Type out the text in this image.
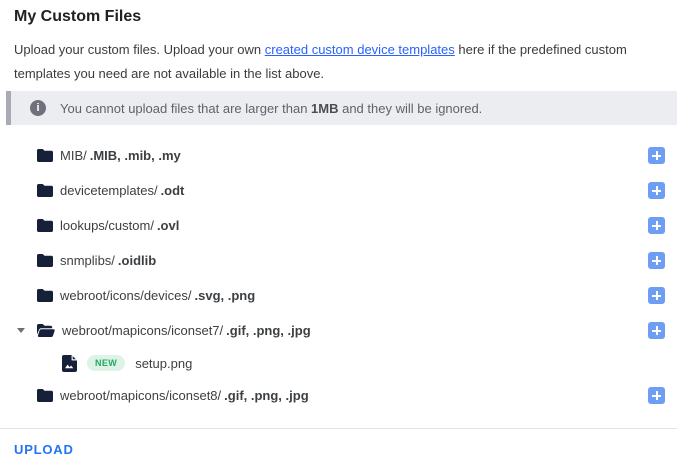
My Custom Files
Upload your custom files. Upload your own created custom device templates here if the predefined custom templates you need are not available in the list above.
i	You cannot upload files that are larger than 1MB and they will be ignored.
MIB/ .MIB, .mib, .my
devicetemplates/ .odt
lookups/custom/ .ovl
snmplibs/ .oidlib
webroot/icons/devices/ .svg, .png
webroot/mapicons/iconset7/ .gif, .png, .jpg
NEW	setup.png
webroot/mapicons/iconset8/ .gif, .png, .jpg
UPLOAD
